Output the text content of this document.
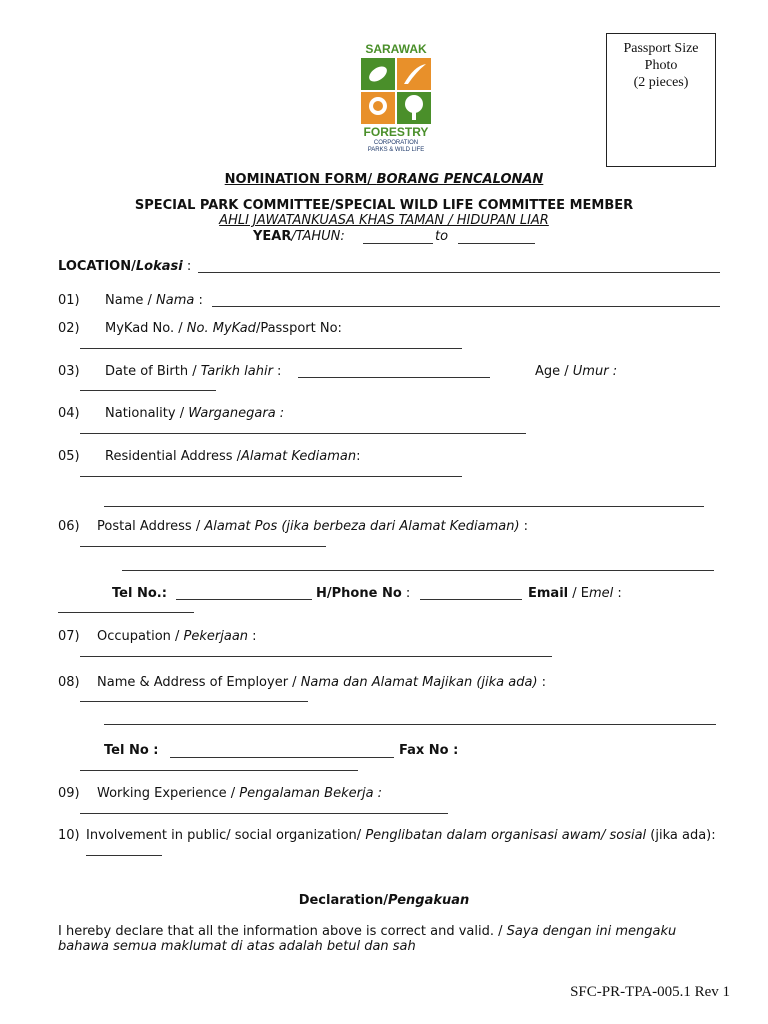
SARAWAK
FORESTRY
CORPORATION
PARKS & WILD LIFE
Passport Size
Photo
(2 pieces)
NOMINATION FORM/ BORANG PENCALONAN
SPECIAL PARK COMMITTEE/SPECIAL WILD LIFE COMMITTEE MEMBER
AHLI JAWATANKUASA KHAS TAMAN / HIDUPAN LIAR
YEAR/TAHUN:	to
LOCATION/Lokasi :
01) Name / Nama :
02) MyKad No. / No. MyKad/Passport No:
03) Date of Birth / Tarikh lahir :	Age / Umur :
04) Nationality / Warganegara :
05) Residential Address /Alamat Kediaman:
06) Postal Address / Alamat Pos (jika berbeza dari Alamat Kediaman) :
Tel No.:	H/Phone No :	Email / Emel :
07) Occupation / Pekerjaan :
08) Name & Address of Employer / Nama dan Alamat Majikan (jika ada) :
Tel No :	Fax No :
09) Working Experience / Pengalaman Bekerja :
10) Involvement in public/ social organization/ Penglibatan dalam organisasi awam/ sosial (jika ada):
Declaration/Pengakuan
I hereby declare that all the information above is correct and valid. / Saya dengan ini mengaku
bahawa semua maklumat di atas adalah betul dan sah
SFC-PR-TPA-005.1 Rev 1
